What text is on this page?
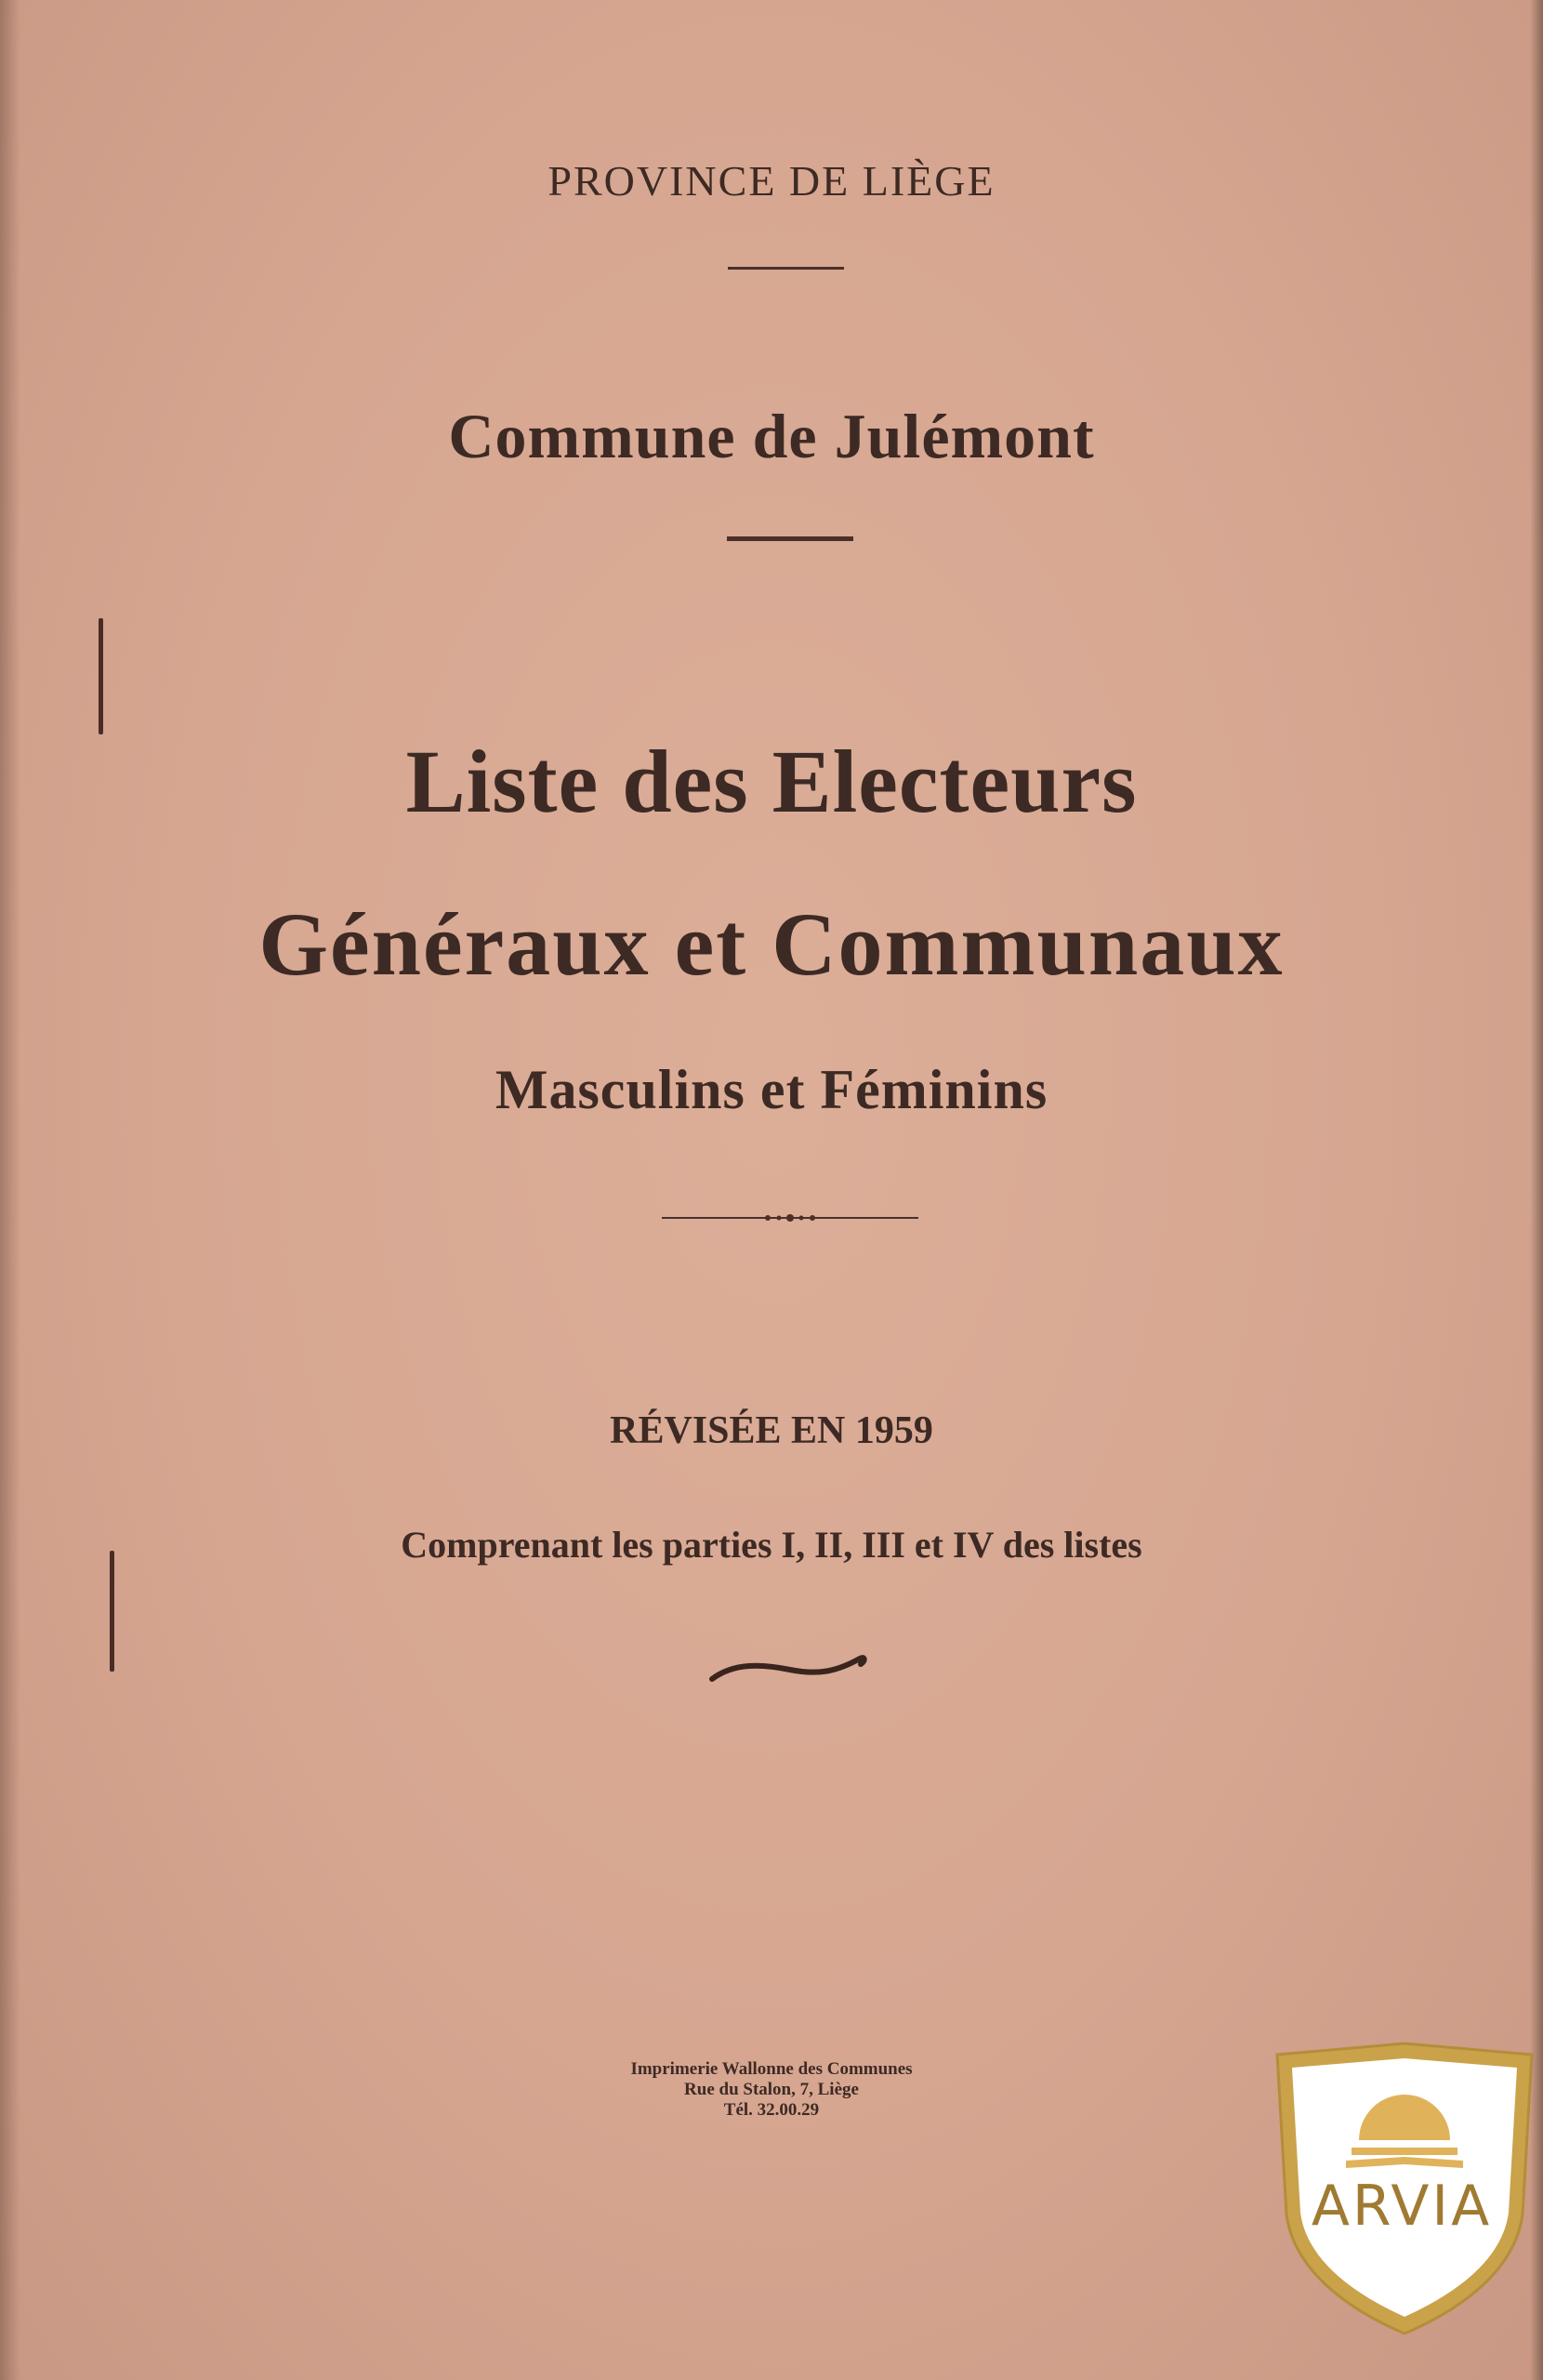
PROVINCE DE LIÈGE
Commune de Julémont
Liste des Electeurs
Généraux et Communaux
Masculins et Féminins
RÉVISÉE EN 1959
Comprenant les parties I, II, III et IV des listes
Imprimerie Wallonne des Communes
Rue du Stalon, 7, Liège
Tél. 32.00.29
ARVIA
